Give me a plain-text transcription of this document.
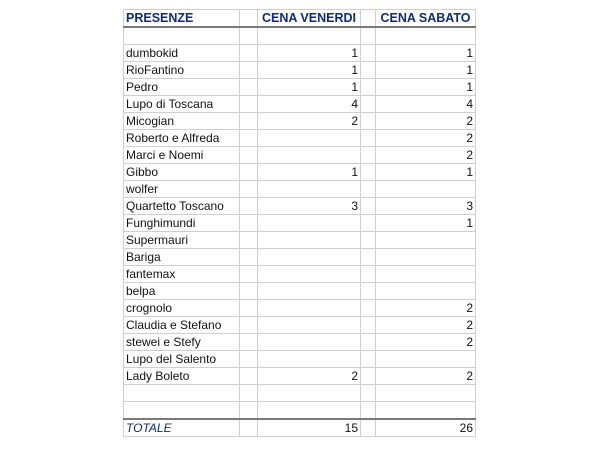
PRESENZE		CENA VENERDI		CENA SABATO

dumbokid		1		1
RioFantino		1		1
Pedro		1		1
Lupo di Toscana		4		4
Micogian		2		2
Roberto e Alfreda				2
Marci e Noemi				2
Gibbo		1		1
wolfer				
Quartetto Toscano		3		3
Funghimundi				1
Supermauri				
Bariga				
fantemax				
belpa				
crognolo				2
Claudia e Stefano				2
stewei e Stefy				2
Lupo del Salento				
Lady Boleto		2		2

TOTALE		15		26
